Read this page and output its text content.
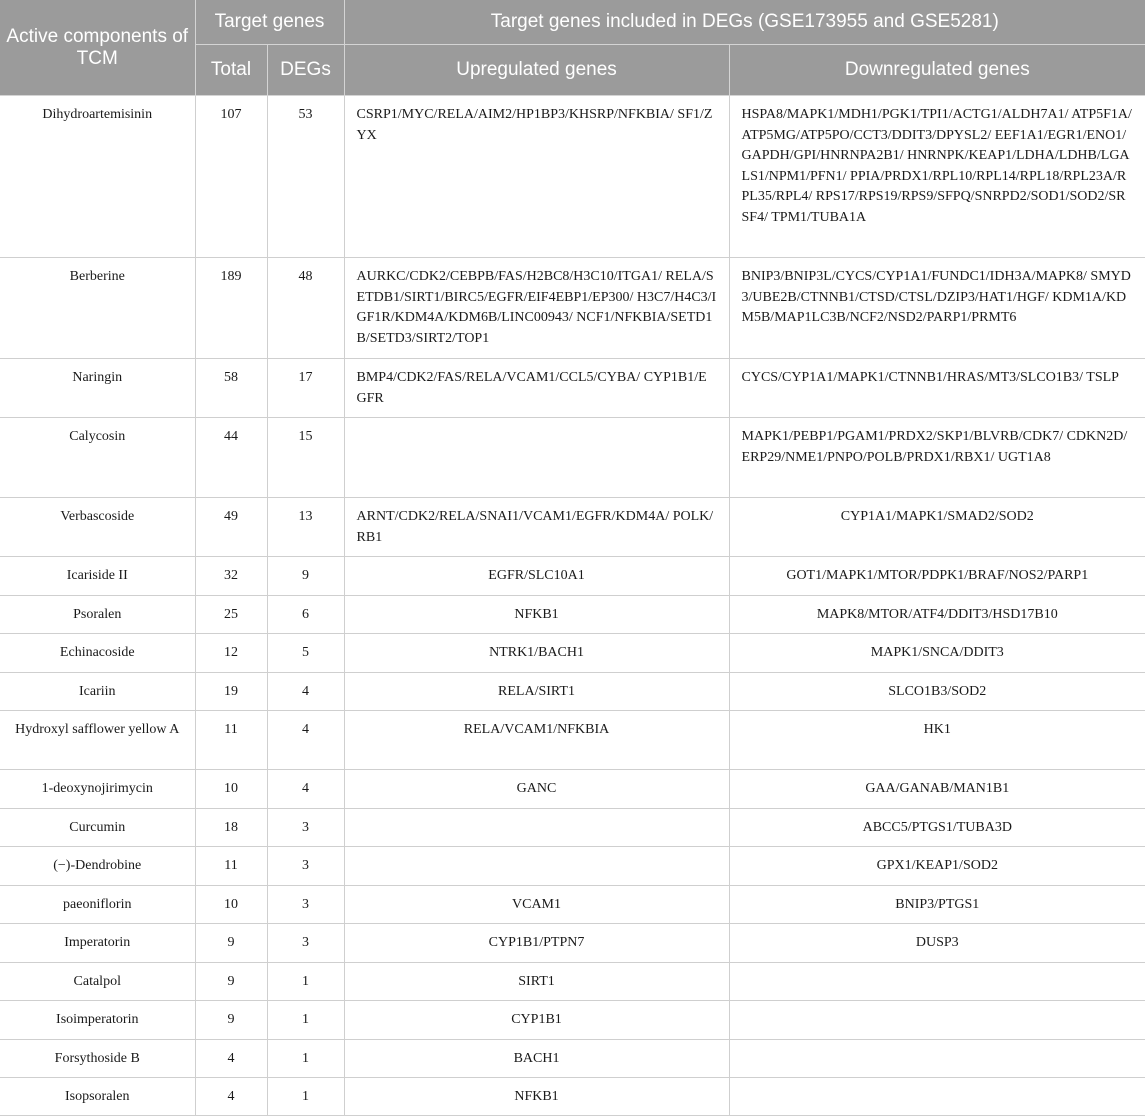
Active components of TCM	Target genes		Target genes included in DEGs (GSE173955 and GSE5281)	
	Total	DEGs	Upregulated genes	Downregulated genes
Dihydroartemisinin	107	53	CSRP1/MYC/RELA/AIM2/HP1BP3/KHSRP/NFKBIA/ SF1/ZYX	HSPA8/MAPK1/MDH1/PGK1/TPI1/ACTG1/ALDH7A1/ ATP5F1A/ATP5MG/ATP5PO/CCT3/DDIT3/DPYSL2/ EEF1A1/EGR1/ENO1/GAPDH/GPI/HNRNPA2B1/ HNRNPK/KEAP1/LDHA/LDHB/LGALS1/NPM1/PFN1/ PPIA/PRDX1/RPL10/RPL14/RPL18/RPL23A/RPL35/RPL4/ RPS17/RPS19/RPS9/SFPQ/SNRPD2/SOD1/SOD2/SRSF4/ TPM1/TUBA1A
Berberine	189	48	AURKC/CDK2/CEBPB/FAS/H2BC8/H3C10/ITGA1/ RELA/SETDB1/SIRT1/BIRC5/EGFR/EIF4EBP1/EP300/ H3C7/H4C3/IGF1R/KDM4A/KDM6B/LINC00943/ NCF1/NFKBIA/SETD1B/SETD3/SIRT2/TOP1	BNIP3/BNIP3L/CYCS/CYP1A1/FUNDC1/IDH3A/MAPK8/ SMYD3/UBE2B/CTNNB1/CTSD/CTSL/DZIP3/HAT1/HGF/ KDM1A/KDM5B/MAP1LC3B/NCF2/NSD2/PARP1/PRMT6
Naringin	58	17	BMP4/CDK2/FAS/RELA/VCAM1/CCL5/CYBA/ CYP1B1/EGFR	CYCS/CYP1A1/MAPK1/CTNNB1/HRAS/MT3/SLCO1B3/ TSLP
Calycosin	44	15		MAPK1/PEBP1/PGAM1/PRDX2/SKP1/BLVRB/CDK7/ CDKN2D/ERP29/NME1/PNPO/POLB/PRDX1/RBX1/ UGT1A8
Verbascoside	49	13	ARNT/CDK2/RELA/SNAI1/VCAM1/EGFR/KDM4A/ POLK/RB1	CYP1A1/MAPK1/SMAD2/SOD2
Icariside II	32	9	EGFR/SLC10A1	GOT1/MAPK1/MTOR/PDPK1/BRAF/NOS2/PARP1
Psoralen	25	6	NFKB1	MAPK8/MTOR/ATF4/DDIT3/HSD17B10
Echinacoside	12	5	NTRK1/BACH1	MAPK1/SNCA/DDIT3
Icariin	19	4	RELA/SIRT1	SLCO1B3/SOD2
Hydroxyl safflower yellow A	11	4	RELA/VCAM1/NFKBIA	HK1
1-deoxynojirimycin	10	4	GANC	GAA/GANAB/MAN1B1
Curcumin	18	3		ABCC5/PTGS1/TUBA3D
(−)-Dendrobine	11	3		GPX1/KEAP1/SOD2
paeoniflorin	10	3	VCAM1	BNIP3/PTGS1
Imperatorin	9	3	CYP1B1/PTPN7	DUSP3
Catalpol	9	1	SIRT1	
Isoimperatorin	9	1	CYP1B1	
Forsythoside B	4	1	BACH1	
Isopsoralen	4	1	NFKB1	
